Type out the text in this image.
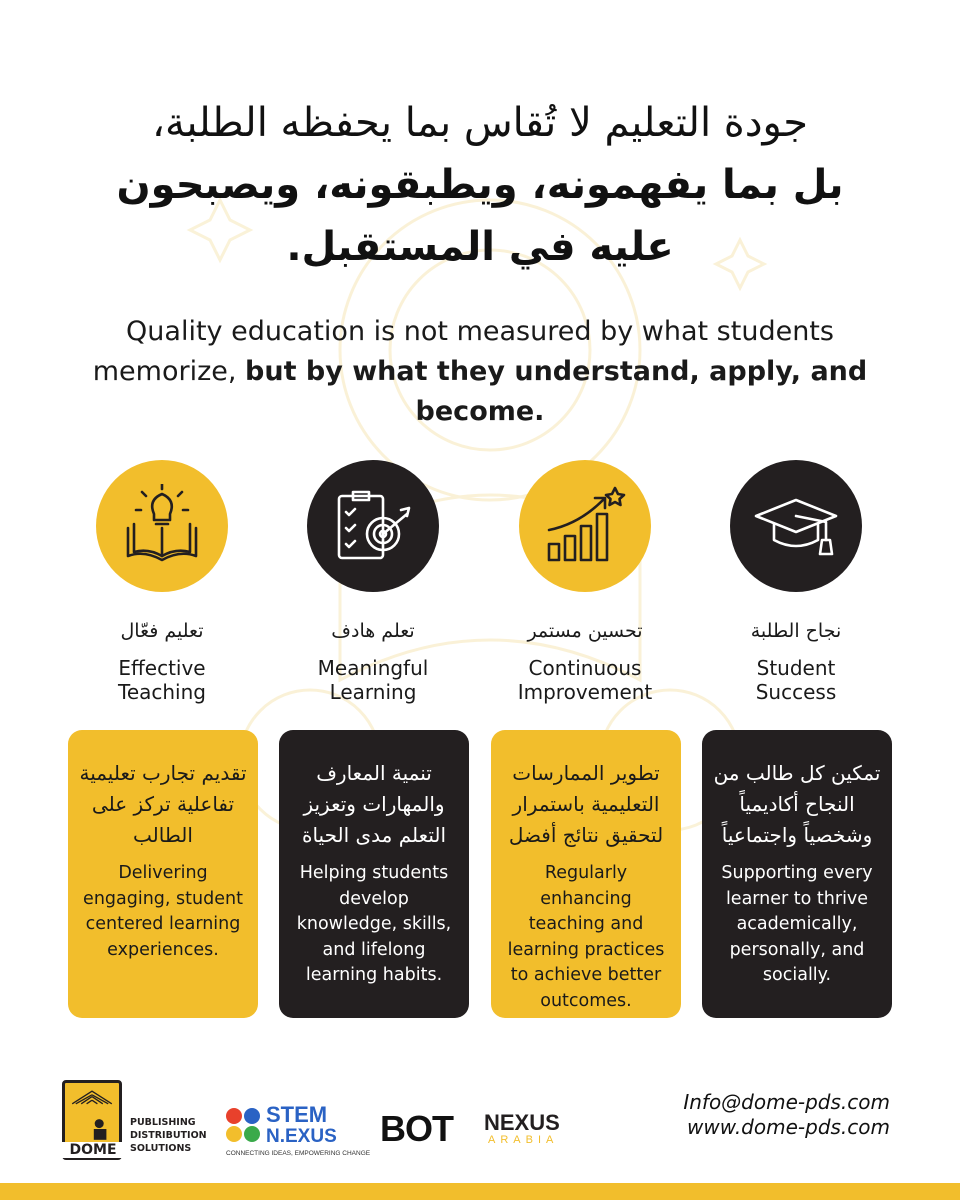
جودة التعليم لا تُقاس بما يحفظه الطلبة،
بل بما يفهمونه، ويطبقونه، ويصبحون
عليه في المستقبل.
Quality education is not measured by what students memorize, but by what they understand, apply, and become.
تعليم فعّال
Effective
Teaching
تقديم تجارب تعليمية تفاعلية تركز على الطالب
Delivering engaging, student centered learning experiences.
تعلم هادف
Meaningful
Learning
تنمية المعارف والمهارات وتعزيز التعلم مدى الحياة
Helping students develop knowledge, skills, and lifelong learning habits.
تحسين مستمر
Continuous
Improvement
تطوير الممارسات التعليمية باستمرار لتحقيق نتائج أفضل
Regularly enhancing teaching and learning practices to achieve better outcomes.
نجاح الطلبة
Student
Success
تمكين كل طالب من النجاح أكاديمياً وشخصياً واجتماعياً
Supporting every learner to thrive academically, personally, and socially.
DOME
PUBLISHING
DISTRIBUTION
SOLUTIONS
STEM
N.EXUS
CONNECTING IDEAS, EMPOWERING CHANGE
BOT NEXUS
ARABIA
Info@dome-pds.com
www.dome-pds.com
